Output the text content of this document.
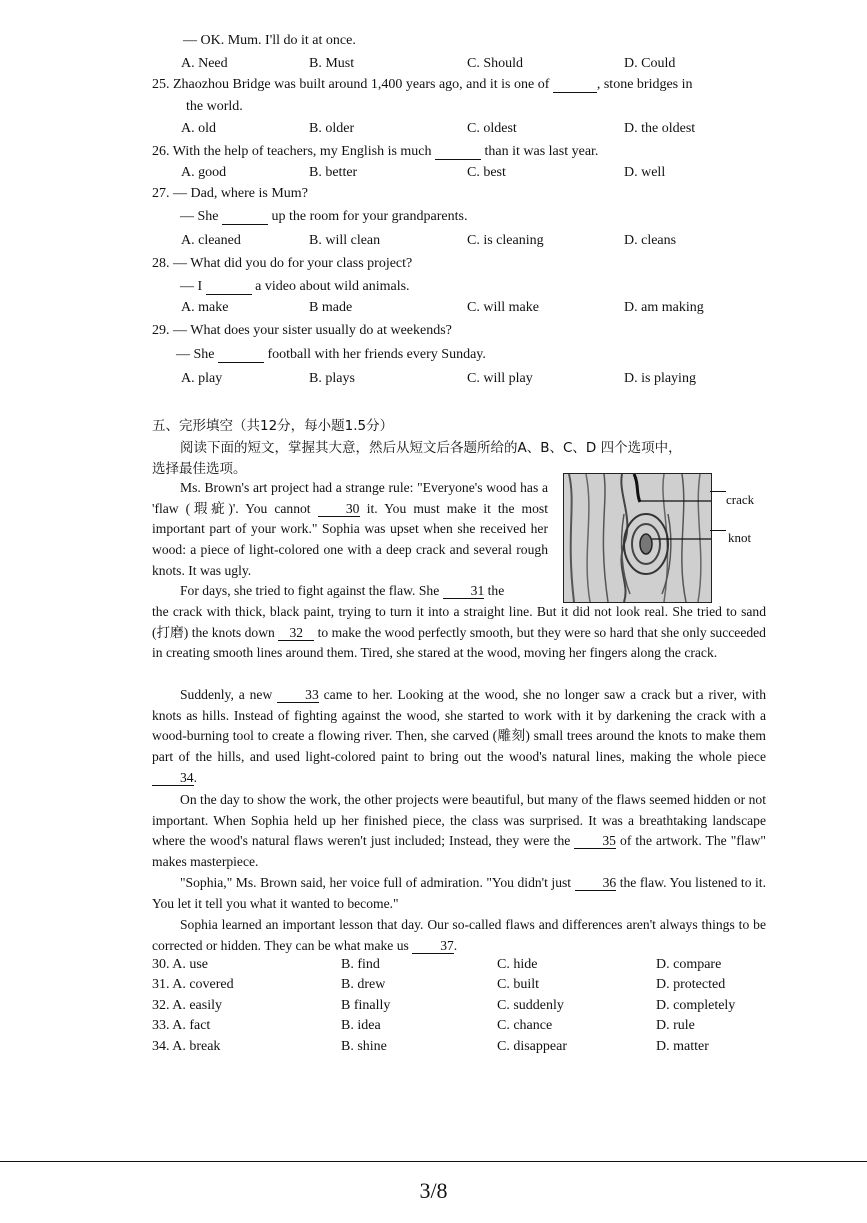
— OK. Mum. I'll do it at once.
A. Need	B. Must	C. Should	D. Could
25. Zhaozhou Bridge was built around 1,400 years ago, and it is one of	, stone bridges in
the world.
A. old	B. older	C. oldest	D. the oldest
26. With the help of teachers, my English is much	than it was last year.
A. good	B. better	C. best	D. well
27. — Dad, where is Mum?
— She	up the room for your grandparents.
A. cleaned	B. will clean	C. is cleaning	D. cleans
28. — What did you do for your class project?
— I	a video about wild animals.
A. make	B made	C. will make	D. am making
29. — What does your sister usually do at weekends?
— She	football with her friends every Sunday.
A. play	B. plays	C. will play	D. is playing
五、完形填空（共12分，每小题1.5分）
阅读下面的短文，掌握其大意，然后从短文后各题所给的A、B、C、D 四个选项中，
选择最佳选项。
crack
knot

Ms. Brown's art project had a strange rule: "Everyone's wood has a 'flaw (瑕疵)'. You cannot	30 it. You must make it the most important part of your work." Sophia was upset when she received her wood: a piece of light-colored one with a deep crack and several rough knots. It was ugly.

For days, she tried to fight against the flaw. She 31 the

the crack with thick, black paint, trying to turn it into a straight line. But it did not look real. She tried to sand (打磨) the knots down 32 to make the wood perfectly smooth, but they were so hard that she only succeeded in creating smooth lines around them. Tired, she stared at the wood, moving her fingers along the crack.

Suddenly, a new 33 came to her. Looking at the wood, she no longer saw a crack but a river, with knots as hills. Instead of fighting against the wood, she started to work with it by darkening the crack with a wood-burning tool to create a flowing river. Then, she carved (雕刻) small trees around the knots to make them part of the hills, and used light-colored paint to bring out the wood's natural lines, making the whole piece 34.

On the day to show the work, the other projects were beautiful, but many of the flaws seemed hidden or not important. When Sophia held up her finished piece, the class was surprised. It was a breathtaking landscape where the wood's natural flaws weren't just included; Instead, they were the 35 of the artwork. The "flaw" makes masterpiece.

"Sophia," Ms. Brown said, her voice full of admiration. "You didn't just 36 the flaw. You listened to it. You let it tell you what it wanted to become."

Sophia learned an important lesson that day. Our so-called flaws and differences aren't always things to be corrected or hidden. They can be what make us 37.

30. A. use	B. find	C. hide	D. compare
31. A. covered	B. drew	C. built	D. protected
32. A. easily	B finally	C. suddenly	D. completely
33. A. fact	B. idea	C. chance	D. rule
34. A. break	B. shine	C. disappear	D. matter
3/8
